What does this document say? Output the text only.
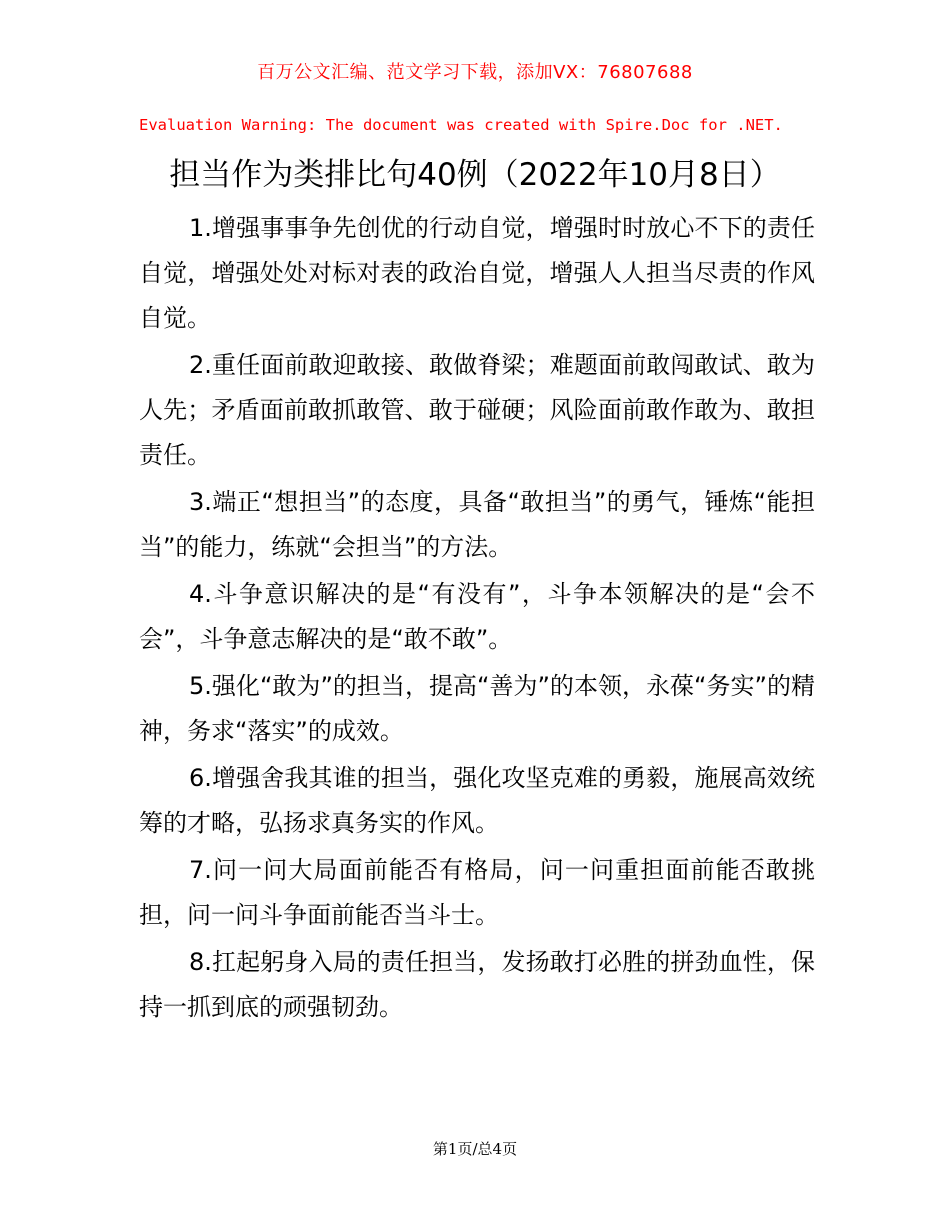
百万公文汇编、范文学习下载，添加VX：76807688
Evaluation Warning: The document was created with Spire.Doc for .NET.
担当作为类排比句40例（2022年10月8日）

1.增强事事争先创优的行动自觉，增强时时放心不下的责任自觉，增强处处对标对表的政治自觉，增强人人担当尽责的作风自觉。

2.重任面前敢迎敢接、敢做脊梁；难题面前敢闯敢试、敢为人先；矛盾面前敢抓敢管、敢于碰硬；风险面前敢作敢为、敢担责任。

3.端正“想担当”的态度，具备“敢担当”的勇气，锤炼“能担当”的能力，练就“会担当”的方法。

4.斗争意识解决的是“有没有”，斗争本领解决的是“会不会”，斗争意志解决的是“敢不敢”。

5.强化“敢为”的担当，提高“善为”的本领，永葆“务实”的精神，务求“落实”的成效。

6.增强舍我其谁的担当，强化攻坚克难的勇毅，施展高效统筹的才略，弘扬求真务实的作风。

7.问一问大局面前能否有格局，问一问重担面前能否敢挑担，问一问斗争面前能否当斗士。

8.扛起躬身入局的责任担当，发扬敢打必胜的拼劲血性，保持一抓到底的顽强韧劲。

第1页/总4页
